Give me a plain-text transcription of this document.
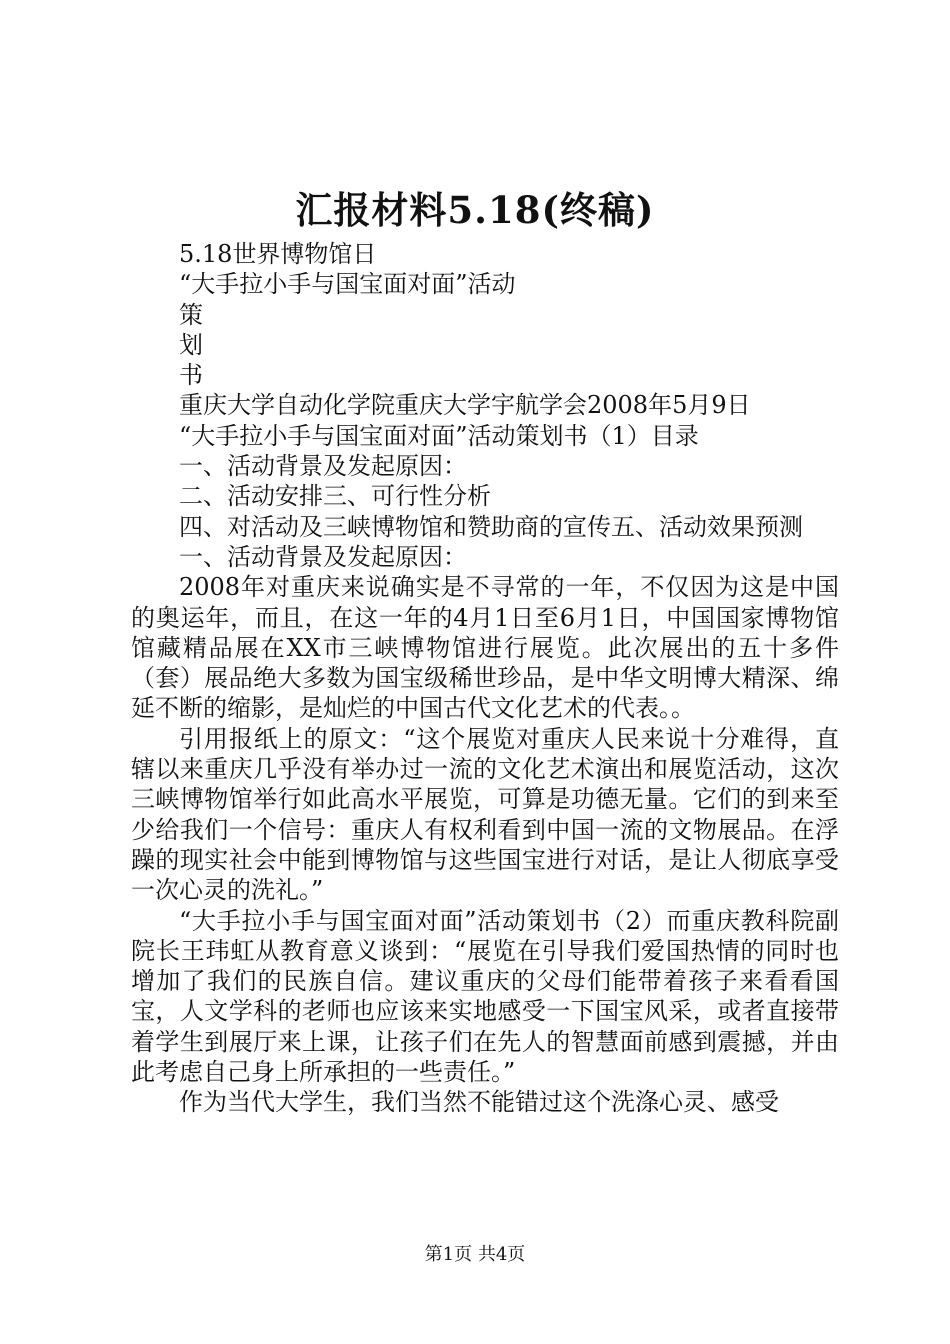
汇报材料5.18(终稿)
5.18世界博物馆日
“大手拉小手与国宝面对面”活动
策
划
书
重庆大学自动化学院重庆大学宇航学会2008年5月9日
“大手拉小手与国宝面对面”活动策划书（1）目录
一、活动背景及发起原因：
二、活动安排三、可行性分析
四、对活动及三峡博物馆和赞助商的宣传五、活动效果预测
一、活动背景及发起原因：
2008年对重庆来说确实是不寻常的一年，不仅因为这是中国的奥运年，而且，在这一年的4月1日至6月1日，中国国家博物馆馆藏精品展在XX市三峡博物馆进行展览。此次展出的五十多件（套）展品绝大多数为国宝级稀世珍品，是中华文明博大精深、绵延不断的缩影，是灿烂的中国古代文化艺术的代表。。
引用报纸上的原文：“这个展览对重庆人民来说十分难得，直辖以来重庆几乎没有举办过一流的文化艺术演出和展览活动，这次三峡博物馆举行如此高水平展览，可算是功德无量。它们的到来至少给我们一个信号：重庆人有权利看到中国一流的文物展品。在浮躁的现实社会中能到博物馆与这些国宝进行对话，是让人彻底享受一次心灵的洗礼。”
“大手拉小手与国宝面对面”活动策划书（2）而重庆教科院副院长王玮虹从教育意义谈到：“展览在引导我们爱国热情的同时也增加了我们的民族自信。建议重庆的父母们能带着孩子来看看国宝，人文学科的老师也应该来实地感受一下国宝风采，或者直接带着学生到展厅来上课，让孩子们在先人的智慧面前感到震撼，并由此考虑自己身上所承担的一些责任。”
作为当代大学生，我们当然不能错过这个洗涤心灵、感受
第1页 共4页
